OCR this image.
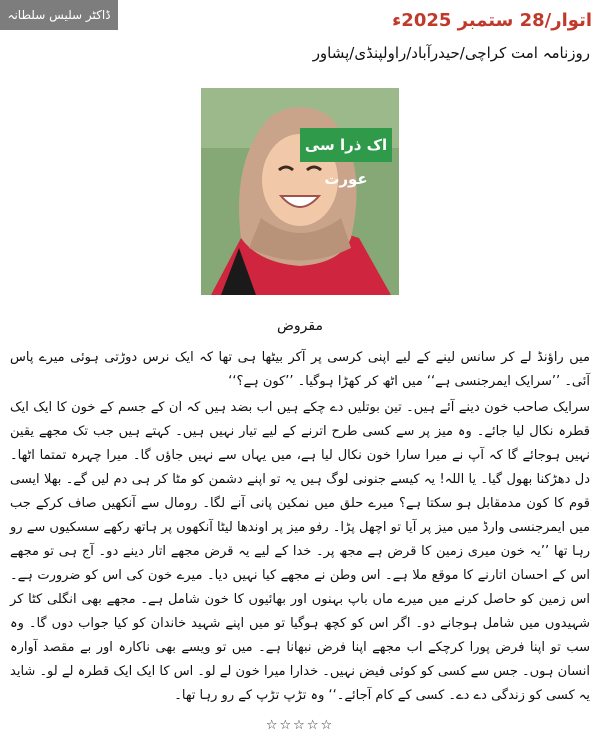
ڈاکٹر سلیس سلطانہ چغتائی
اتوار/28 ستمبر 2025ء
روزنامہ امت کراچی/حیدرآباد/راولپنڈی/پشاور
اک ذرا سی عورت
مقروض

میں راؤنڈ لے کر سانس لینے کے لیے اپنی کرسی پر آکر بیٹھا ہی تھا کہ ایک نرس دوڑتی ہوئی میرے پاس آئی۔ ’’سرایک ایمرجنسی ہے‘‘ میں اٹھ کر کھڑا ہوگیا۔ ’’کون ہے؟‘‘

سرایک صاحب خون دینے آئے ہیں۔ تین بوتلیں دے چکے ہیں اب بضد ہیں کہ ان کے جسم کے خون کا ایک ایک قطرہ نکال لیا جائے۔ وہ میز پر سے کسی طرح اترنے کے لیے تیار نہیں ہیں۔ کہتے ہیں جب تک مجھے یقین نہیں ہوجائے گا کہ آپ نے میرا سارا خون نکال لیا ہے، میں یہاں سے نہیں جاؤں گا۔ میرا چہرہ تمتما اٹھا۔ دل دھڑکنا بھول گیا۔ یا اللہ! یہ کیسے جنونی لوگ ہیں یہ تو اپنے دشمن کو مٹا کر ہی دم لیں گے۔ بھلا ایسی قوم کا کون مدمقابل ہو سکتا ہے؟ میرے حلق میں نمکین پانی آنے لگا۔ رومال سے آنکھیں صاف کرکے جب میں ایمرجنسی وارڈ میں میز پر آیا تو اچھل پڑا۔ رفو میز پر اوندھا لیٹا آنکھوں پر ہاتھ رکھے سسکیوں سے رو رہا تھا ’’یہ خون میری زمین کا قرض ہے مجھ پر۔ خدا کے لیے یہ قرض مجھے اتار دینے دو۔ آج ہی تو مجھے اس کے احسان اتارنے کا موقع ملا ہے۔ اس وطن نے مجھے کیا نہیں دیا۔ میرے خون کی اس کو ضرورت ہے۔ اس زمین کو حاصل کرنے میں میرے ماں باپ بہنوں اور بھائیوں کا خون شامل ہے۔ مجھے بھی انگلی کٹا کر شہیدوں میں شامل ہوجانے دو۔ اگر اس کو کچھ ہوگیا تو میں اپنے شہید خاندان کو کیا جواب دوں گا۔ وہ سب تو اپنا فرض پورا کرچکے اب مجھے اپنا فرض نبھانا ہے۔ میں تو ویسے بھی ناکارہ اور بے مقصد آوارہ انسان ہوں۔ جس سے کسی کو کوئی فیض نہیں۔ خدارا میرا خون لے لو۔ اس کا ایک ایک قطرہ لے لو۔ شاید یہ کسی کو زندگی دے دے۔ کسی کے کام آجائے۔‘‘ وہ تڑپ تڑپ کے رو رہا تھا۔

☆☆☆☆☆
